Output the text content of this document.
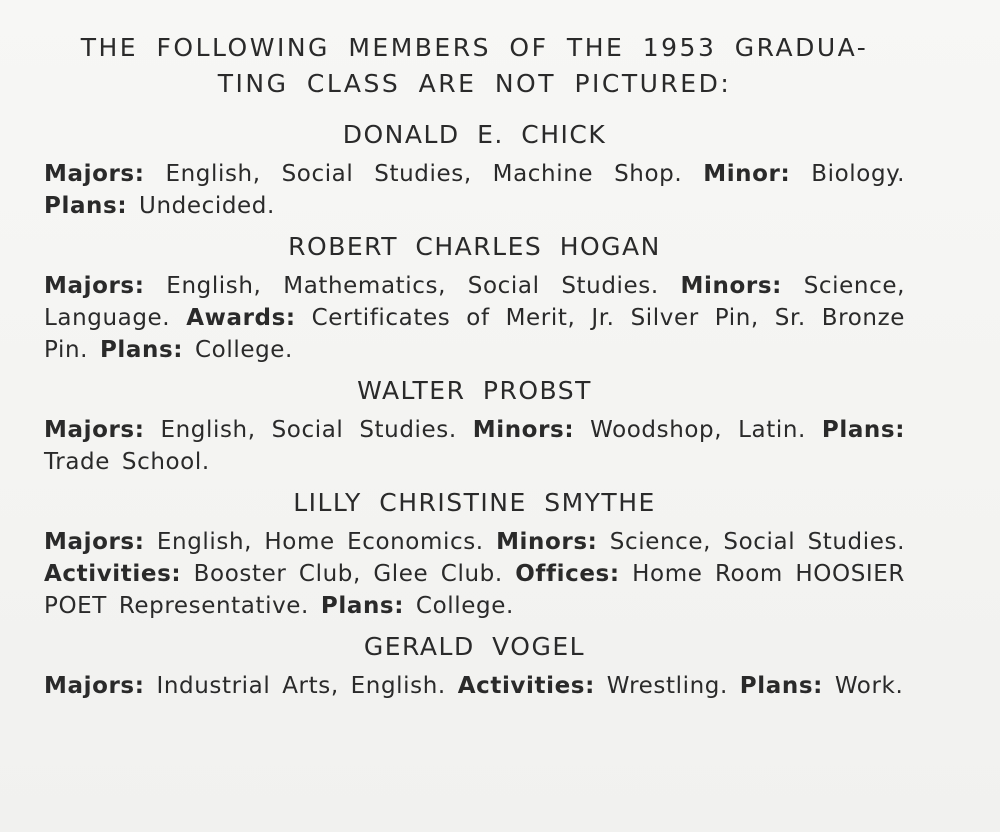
THE FOLLOWING MEMBERS OF THE 1953 GRADUA-
TING CLASS ARE NOT PICTURED:
DONALD E. CHICK

Majors: English, Social Studies, Machine Shop. Minor: Biology. Plans: Undecided.

ROBERT CHARLES HOGAN

Majors: English, Mathematics, Social Studies. Minors: Science, Language. Awards: Certificates of Merit, Jr. Silver Pin, Sr. Bronze Pin. Plans: College.

WALTER PROBST

Majors: English, Social Studies. Minors: Woodshop, Latin. Plans: Trade School.

LILLY CHRISTINE SMYTHE

Majors: English, Home Economics. Minors: Science, Social Studies. Activities: Booster Club, Glee Club. Offices: Home Room HOOSIER POET Representative. Plans: College.

GERALD VOGEL

Majors: Industrial Arts, English. Activities: Wrestling. Plans: Work.
